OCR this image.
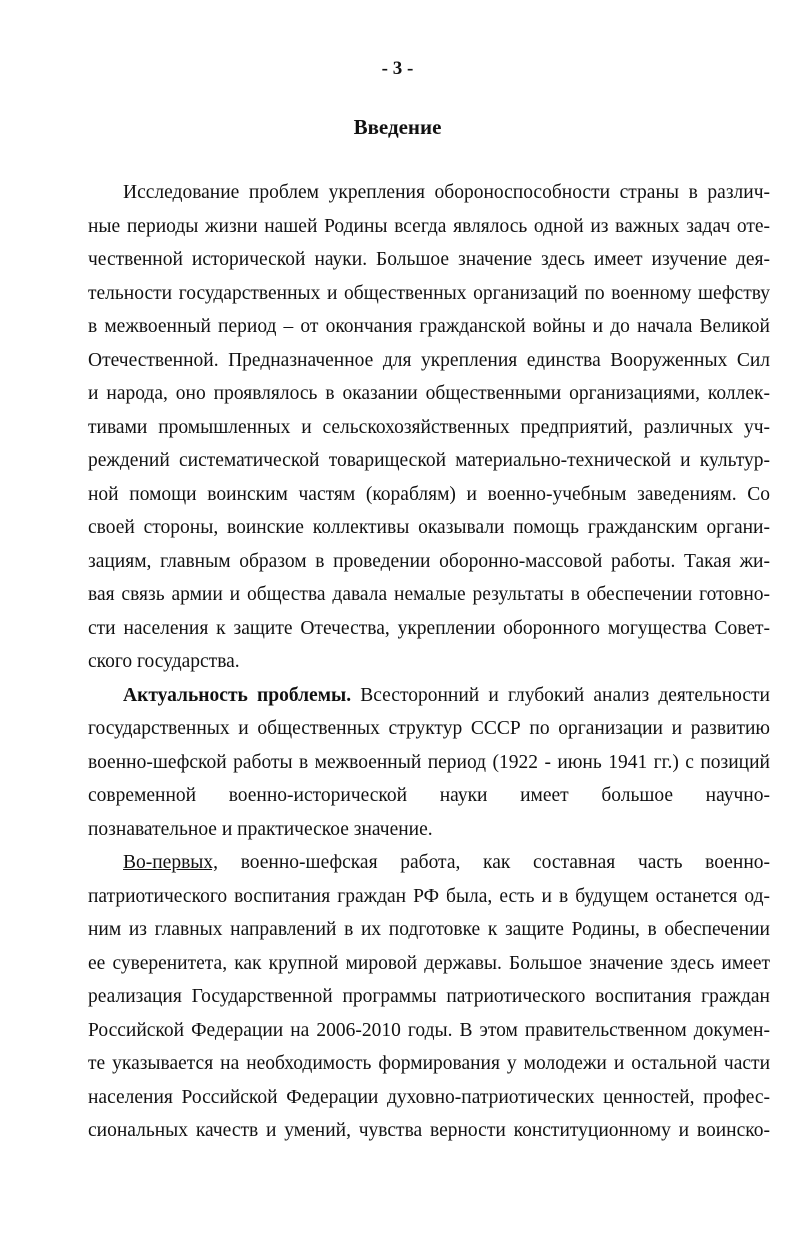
- 3 -
Введение
Исследование проблем укрепления обороноспособности страны в различ-
ные периоды жизни нашей Родины всегда являлось одной из важных задач оте-
чественной исторической науки. Большое значение здесь имеет изучение дея-
тельности государственных и общественных организаций по военному шефству
в межвоенный период – от окончания гражданской войны и до начала Великой
Отечественной. Предназначенное для укрепления единства Вооруженных Сил
и народа, оно проявлялось в оказании общественными организациями, коллек-
тивами промышленных и сельскохозяйственных предприятий, различных уч-
реждений систематической товарищеской материально-технической и культур-
ной помощи воинским частям (кораблям) и военно-учебным заведениям. Со
своей стороны, воинские коллективы оказывали помощь гражданским органи-
зациям, главным образом в проведении оборонно-массовой работы. Такая жи-
вая связь армии и общества давала немалые результаты в обеспечении готовно-
сти населения к защите Отечества, укреплении оборонного могущества Совет-
ского государства.
Актуальность проблемы. Всесторонний и глубокий анализ деятельности
государственных и общественных структур СССР по организации и развитию
военно-шефской работы в межвоенный период (1922 - июнь 1941 гг.) с позиций
современной военно-исторической науки имеет большое научно-
познавательное и практическое значение.
Во-первых, военно-шефская работа, как составная часть военно-
патриотического воспитания граждан РФ была, есть и в будущем останется од-
ним из главных направлений в их подготовке к защите Родины, в обеспечении
ее суверенитета, как крупной мировой державы. Большое значение здесь имеет
реализация Государственной программы патриотического воспитания граждан
Российской Федерации на 2006-2010 годы. В этом правительственном докумен-
те указывается на необходимость формирования у молодежи и остальной части
населения Российской Федерации духовно-патриотических ценностей, профес-
сиональных качеств и умений, чувства верности конституционному и воинско-
